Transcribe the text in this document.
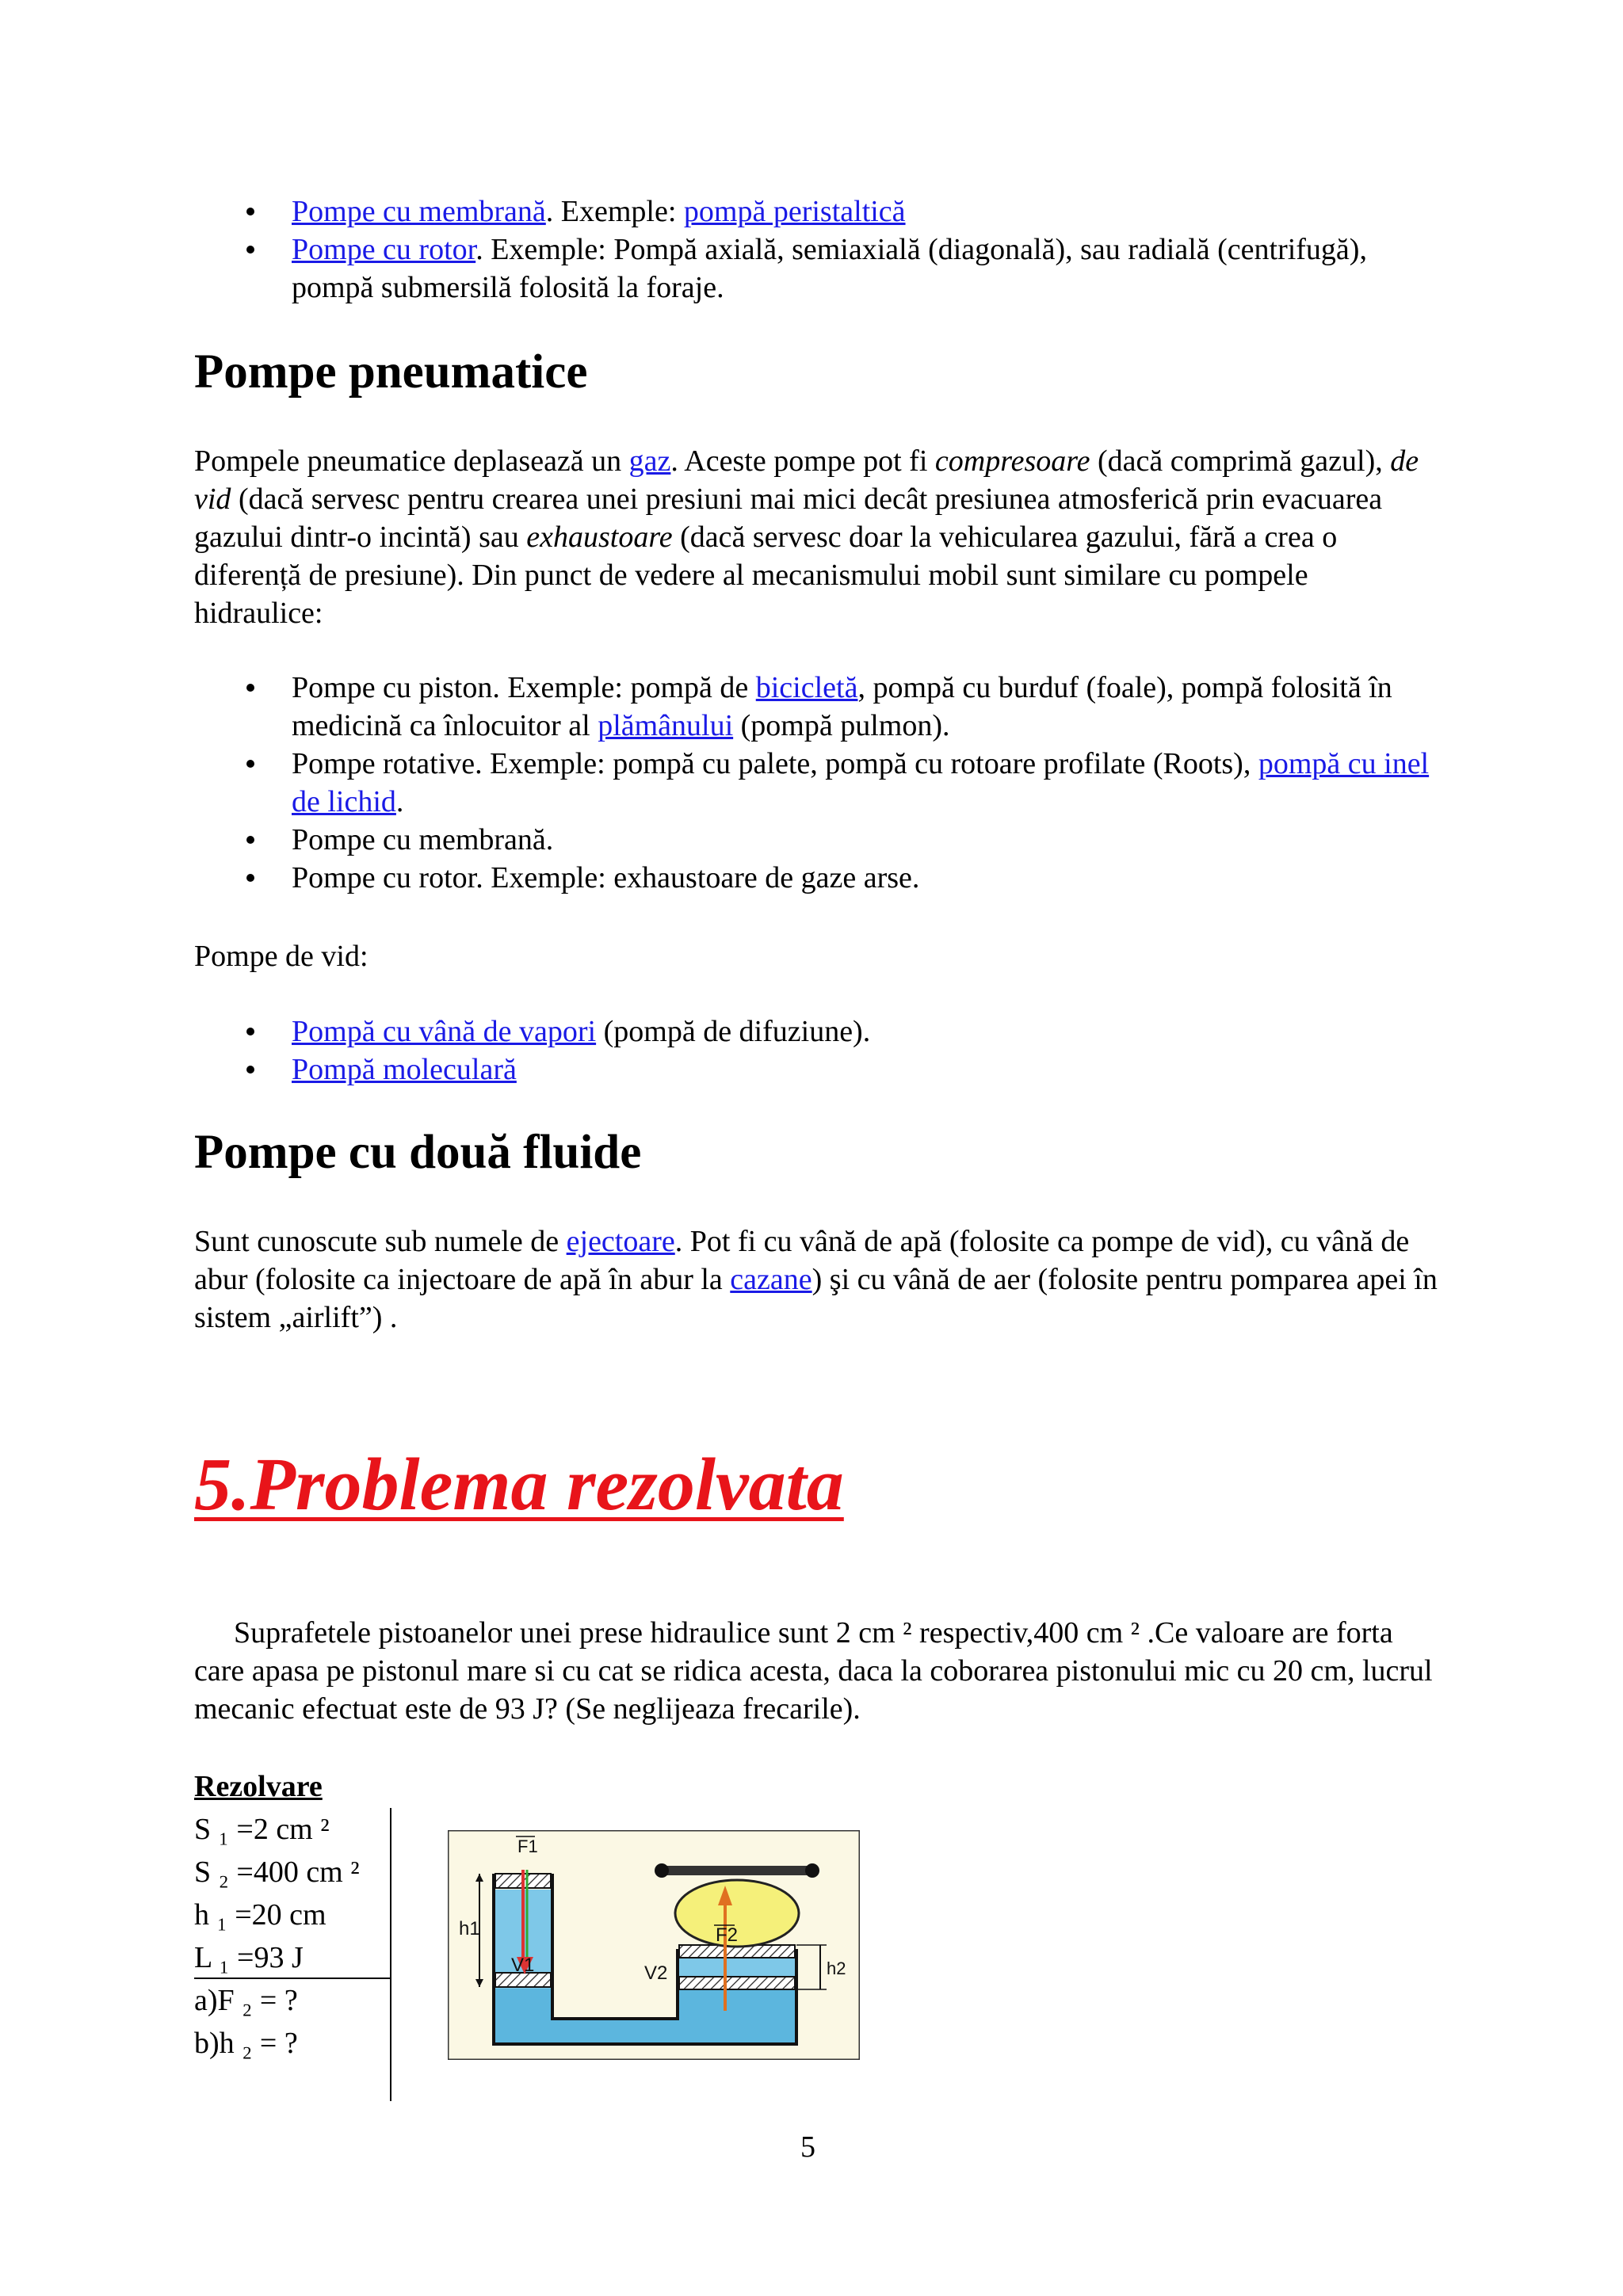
Pompe cu membrană. Exemple: pompă peristaltică
Pompe cu rotor. Exemple: Pompă axială, semiaxială (diagonală), sau radială (centrifugă), pompă submersilă folosită la foraje.
Pompe pneumatice

Pompele pneumatice deplasează un gaz. Aceste pompe pot fi compresoare (dacă comprimă gazul), de vid (dacă servesc pentru crearea unei presiuni mai mici decât presiunea atmosferică prin evacuarea gazului dintr-o incintă) sau exhaustoare (dacă servesc doar la vehicularea gazului, fără a crea o diferență de presiune). Din punct de vedere al mecanismului mobil sunt similare cu pompele hidraulice:

Pompe cu piston. Exemple: pompă de bicicletă, pompă cu burduf (foale), pompă folosită în medicină ca înlocuitor al plămânului (pompă pulmon).
Pompe rotative. Exemple: pompă cu palete, pompă cu rotoare profilate (Roots), pompă cu inel de lichid.
Pompe cu membrană.
Pompe cu rotor. Exemple: exhaustoare de gaze arse.

Pompe de vid:

Pompă cu vână de vapori (pompă de difuziune).
Pompă moleculară
Pompe cu două fluide

Sunt cunoscute sub numele de ejectoare. Pot fi cu vână de apă (folosite ca pompe de vid), cu vână de abur (folosite ca injectoare de apă în abur la cazane) şi cu vână de aer (folosite pentru pomparea apei în sistem „airlift”) .

5.Problema rezolvata

Suprafetele pistoanelor unei prese hidraulice sunt 2 cm ² respectiv,400 cm ² .Ce valoare are forta care apasa pe pistonul mare si cu cat se ridica acesta, daca la coborarea pistonului mic cu 20 cm, lucrul mecanic efectuat este de 93 J? (Se neglijeaza frecarile).

Rezolvare
S ₁ =2 cm ²
S ₂ =400 cm ²
h ₁ =20 cm
L ₁ =93 J
a)F ₂ = ?
b)h ₂ = ?
F1
F2
h1
h2
V1	V2
5
